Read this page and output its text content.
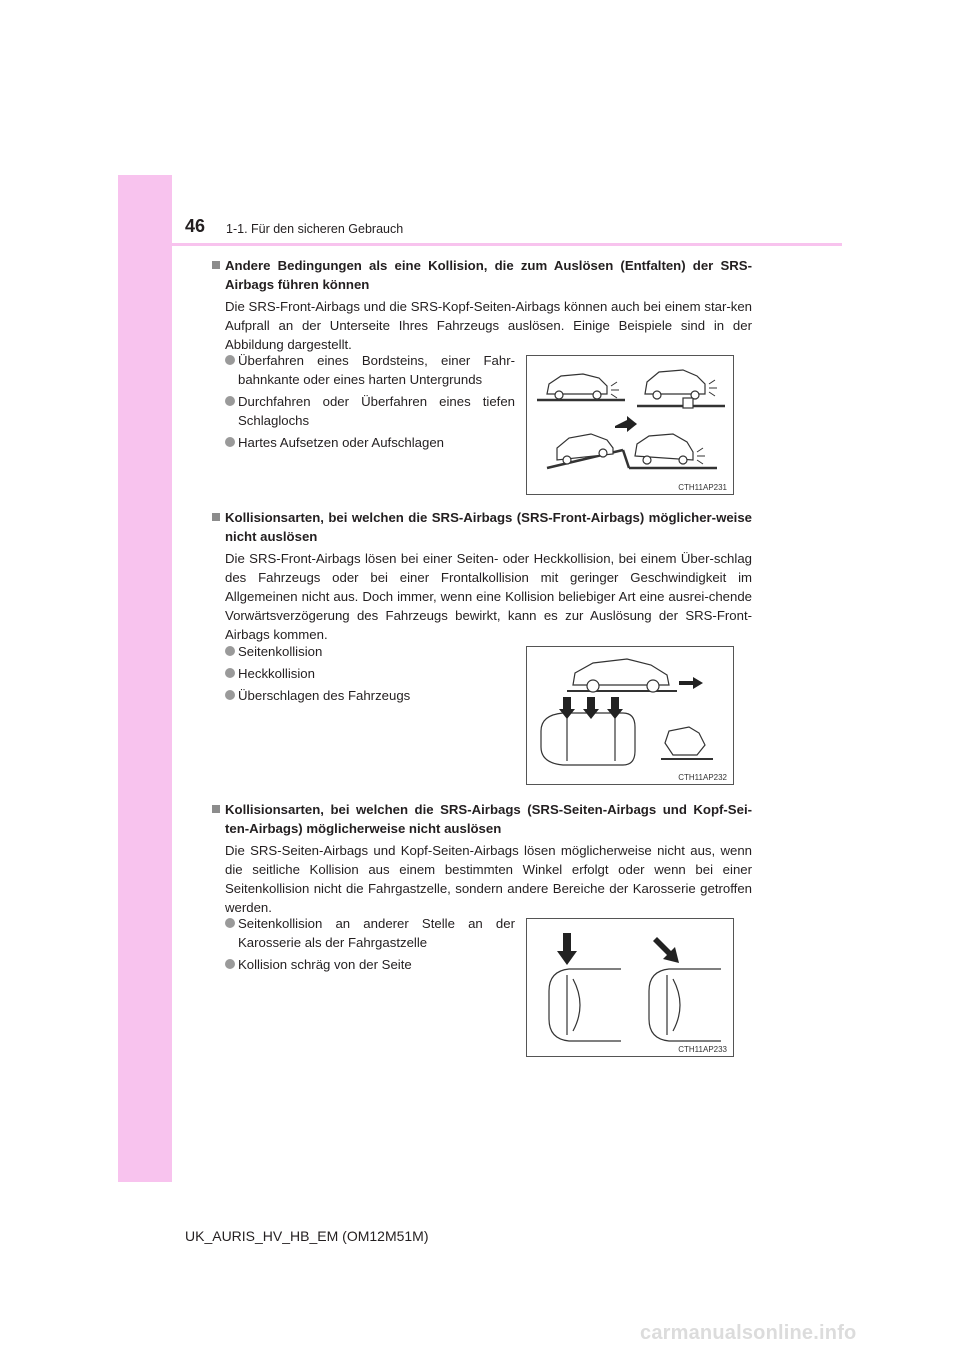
46 1-1. Für den sicheren Gebrauch
Andere Bedingungen als eine Kollision, die zum Auslösen (Entfalten) der SRS-Airbags führen können
Die SRS-Front-Airbags und die SRS-Kopf-Seiten-Airbags können auch bei einem star-ken Aufprall an der Unterseite Ihres Fahrzeugs auslösen. Einige Beispiele sind in der Abbildung dargestellt.
Überfahren eines Bordsteins, einer Fahr-bahnkante oder eines harten Untergrunds
Durchfahren oder Überfahren eines tiefen Schlaglochs
Hartes Aufsetzen oder Aufschlagen
CTH11AP231
Kollisionsarten, bei welchen die SRS-Airbags (SRS-Front-Airbags) möglicher-weise nicht auslösen
Die SRS-Front-Airbags lösen bei einer Seiten- oder Heckkollision, bei einem Über-schlag des Fahrzeugs oder bei einer Frontalkollision mit geringer Geschwindigkeit im Allgemeinen nicht aus. Doch immer, wenn eine Kollision beliebiger Art eine ausrei-chende Vorwärtsverzögerung des Fahrzeugs bewirkt, kann es zur Auslösung der SRS-Front-Airbags kommen.
Seitenkollision
Heckkollision
Überschlagen des Fahrzeugs
CTH11AP232
Kollisionsarten, bei welchen die SRS-Airbags (SRS-Seiten-Airbags und Kopf-Sei-ten-Airbags) möglicherweise nicht auslösen
Die SRS-Seiten-Airbags und Kopf-Seiten-Airbags lösen möglicherweise nicht aus, wenn die seitliche Kollision aus einem bestimmten Winkel erfolgt oder wenn bei einer Seitenkollision nicht die Fahrgastzelle, sondern andere Bereiche der Karosserie getroffen werden.
Seitenkollision an anderer Stelle an der Karosserie als der Fahrgastzelle
Kollision schräg von der Seite
CTH11AP233
UK_AURIS_HV_HB_EM (OM12M51M)
carmanualsonline.info
